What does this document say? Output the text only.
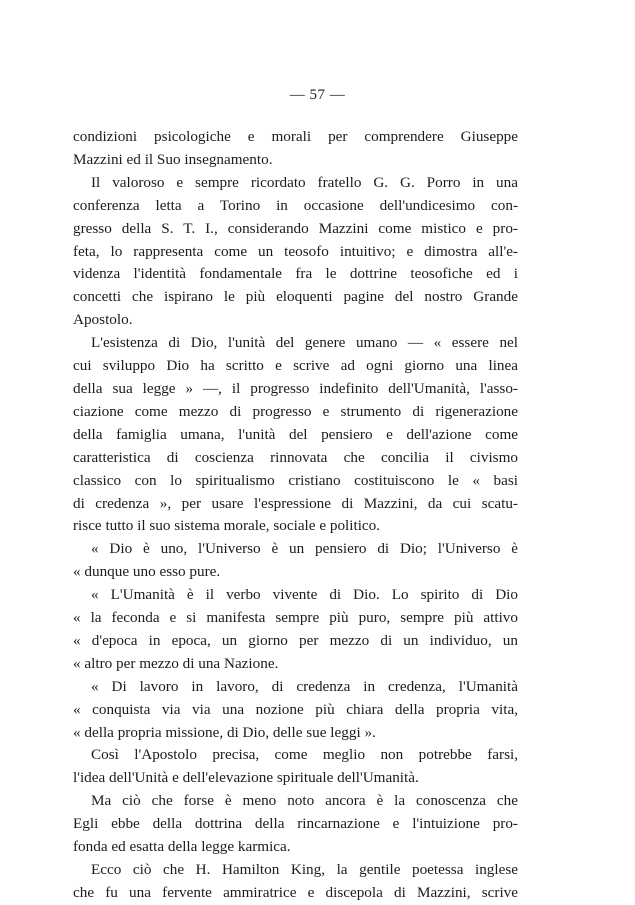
— 57 —
condizioni psicologiche e morali per comprendere Giuseppe
Mazzini ed il Suo insegnamento.
Il valoroso e sempre ricordato fratello G. G. Porro in una
conferenza letta a Torino in occasione dell'undicesimo con-
gresso della S. T. I., considerando Mazzini come mistico e pro-
feta, lo rappresenta come un teosofo intuitivo; e dimostra all'e-
videnza l'identità fondamentale fra le dottrine teosofiche ed i
concetti che ispirano le più eloquenti pagine del nostro Grande
Apostolo.
L'esistenza di Dio, l'unità del genere umano — « essere nel
cui sviluppo Dio ha scritto e scrive ad ogni giorno una linea
della sua legge » —, il progresso indefinito dell'Umanità, l'asso-
ciazione come mezzo di progresso e strumento di rigenerazione
della famiglia umana, l'unità del pensiero e dell'azione come
caratteristica di coscienza rinnovata che concilia il civismo
classico con lo spiritualismo cristiano costituiscono le « basi
di credenza », per usare l'espressione di Mazzini, da cui scatu-
risce tutto il suo sistema morale, sociale e politico.
« Dio è uno, l'Universo è un pensiero di Dio; l'Universo è
« dunque uno esso pure.
« L'Umanità è il verbo vivente di Dio. Lo spirito di Dio
« la feconda e si manifesta sempre più puro, sempre più attivo
« d'epoca in epoca, un giorno per mezzo di un individuo, un
« altro per mezzo di una Nazione.
« Di lavoro in lavoro, di credenza in credenza, l'Umanità
« conquista via via una nozione più chiara della propria vita,
« della propria missione, di Dio, delle sue leggi ».
Così l'Apostolo precisa, come meglio non potrebbe farsi,
l'idea dell'Unità e dell'elevazione spirituale dell'Umanità.
Ma ciò che forse è meno noto ancora è la conoscenza che
Egli ebbe della dottrina della rincarnazione e l'intuizione pro-
fonda ed esatta della legge karmica.
Ecco ciò che H. Hamilton King, la gentile poetessa inglese
che fu una fervente ammiratrice e discepola di Mazzini, scrive
